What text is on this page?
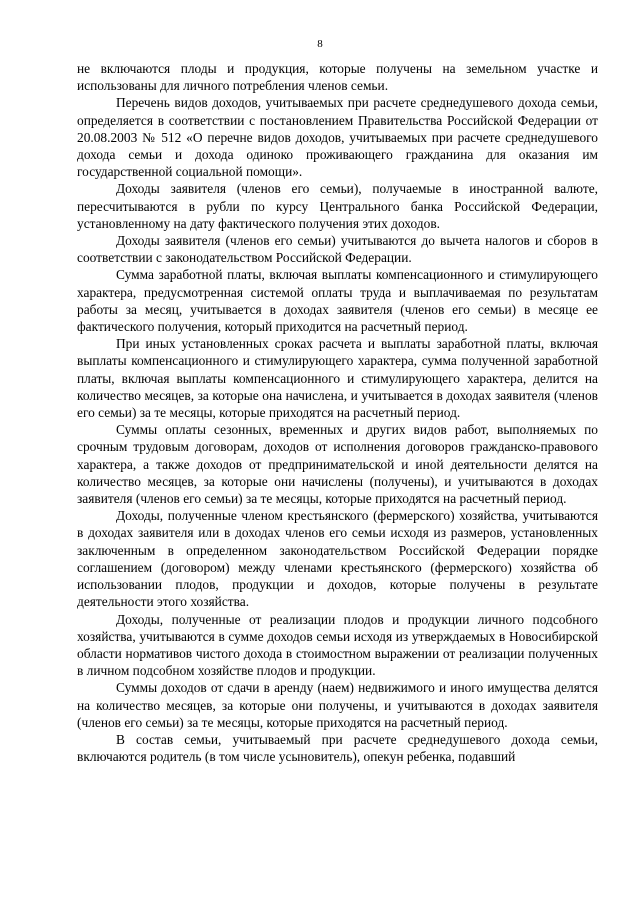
8

не включаются плоды и продукция, которые получены на земельном участке и использованы для личного потребления членов семьи.

Перечень видов доходов, учитываемых при расчете среднедушевого дохода семьи, определяется в соответствии с постановлением Правительства Российской Федерации от 20.08.2003 № 512 «О перечне видов доходов, учитываемых при расчете среднедушевого дохода семьи и дохода одиноко проживающего гражданина для оказания им государственной социальной помощи».

Доходы заявителя (членов его семьи), получаемые в иностранной валюте, пересчитываются в рубли по курсу Центрального банка Российской Федерации, установленному на дату фактического получения этих доходов.

Доходы заявителя (членов его семьи) учитываются до вычета налогов и сборов в соответствии с законодательством Российской Федерации.

Сумма заработной платы, включая выплаты компенсационного и стимулирующего характера, предусмотренная системой оплаты труда и выплачиваемая по результатам работы за месяц, учитывается в доходах заявителя (членов его семьи) в месяце ее фактического получения, который приходится на расчетный период.

При иных установленных сроках расчета и выплаты заработной платы, включая выплаты компенсационного и стимулирующего характера, сумма полученной заработной платы, включая выплаты компенсационного и стимулирующего характера, делится на количество месяцев, за которые она начислена, и учитывается в доходах заявителя (членов его семьи) за те месяцы, которые приходятся на расчетный период.

Суммы оплаты сезонных, временных и других видов работ, выполняемых по срочным трудовым договорам, доходов от исполнения договоров гражданско-правового характера, а также доходов от предпринимательской и иной деятельности делятся на количество месяцев, за которые они начислены (получены), и учитываются в доходах заявителя (членов его семьи) за те месяцы, которые приходятся на расчетный период.

Доходы, полученные членом крестьянского (фермерского) хозяйства, учитываются в доходах заявителя или в доходах членов его семьи исходя из размеров, установленных заключенным в определенном законодательством Российской Федерации порядке соглашением (договором) между членами крестьянского (фермерского) хозяйства об использовании плодов, продукции и доходов, которые получены в результате деятельности этого хозяйства.

Доходы, полученные от реализации плодов и продукции личного подсобного хозяйства, учитываются в сумме доходов семьи исходя из утверждаемых в Новосибирской области нормативов чистого дохода в стоимостном выражении от реализации полученных в личном подсобном хозяйстве плодов и продукции.

Суммы доходов от сдачи в аренду (наем) недвижимого и иного имущества делятся на количество месяцев, за которые они получены, и учитываются в доходах заявителя (членов его семьи) за те месяцы, которые приходятся на расчетный период.

В состав семьи, учитываемый при расчете среднедушевого дохода семьи, включаются родитель (в том числе усыновитель), опекун ребенка, подавший
